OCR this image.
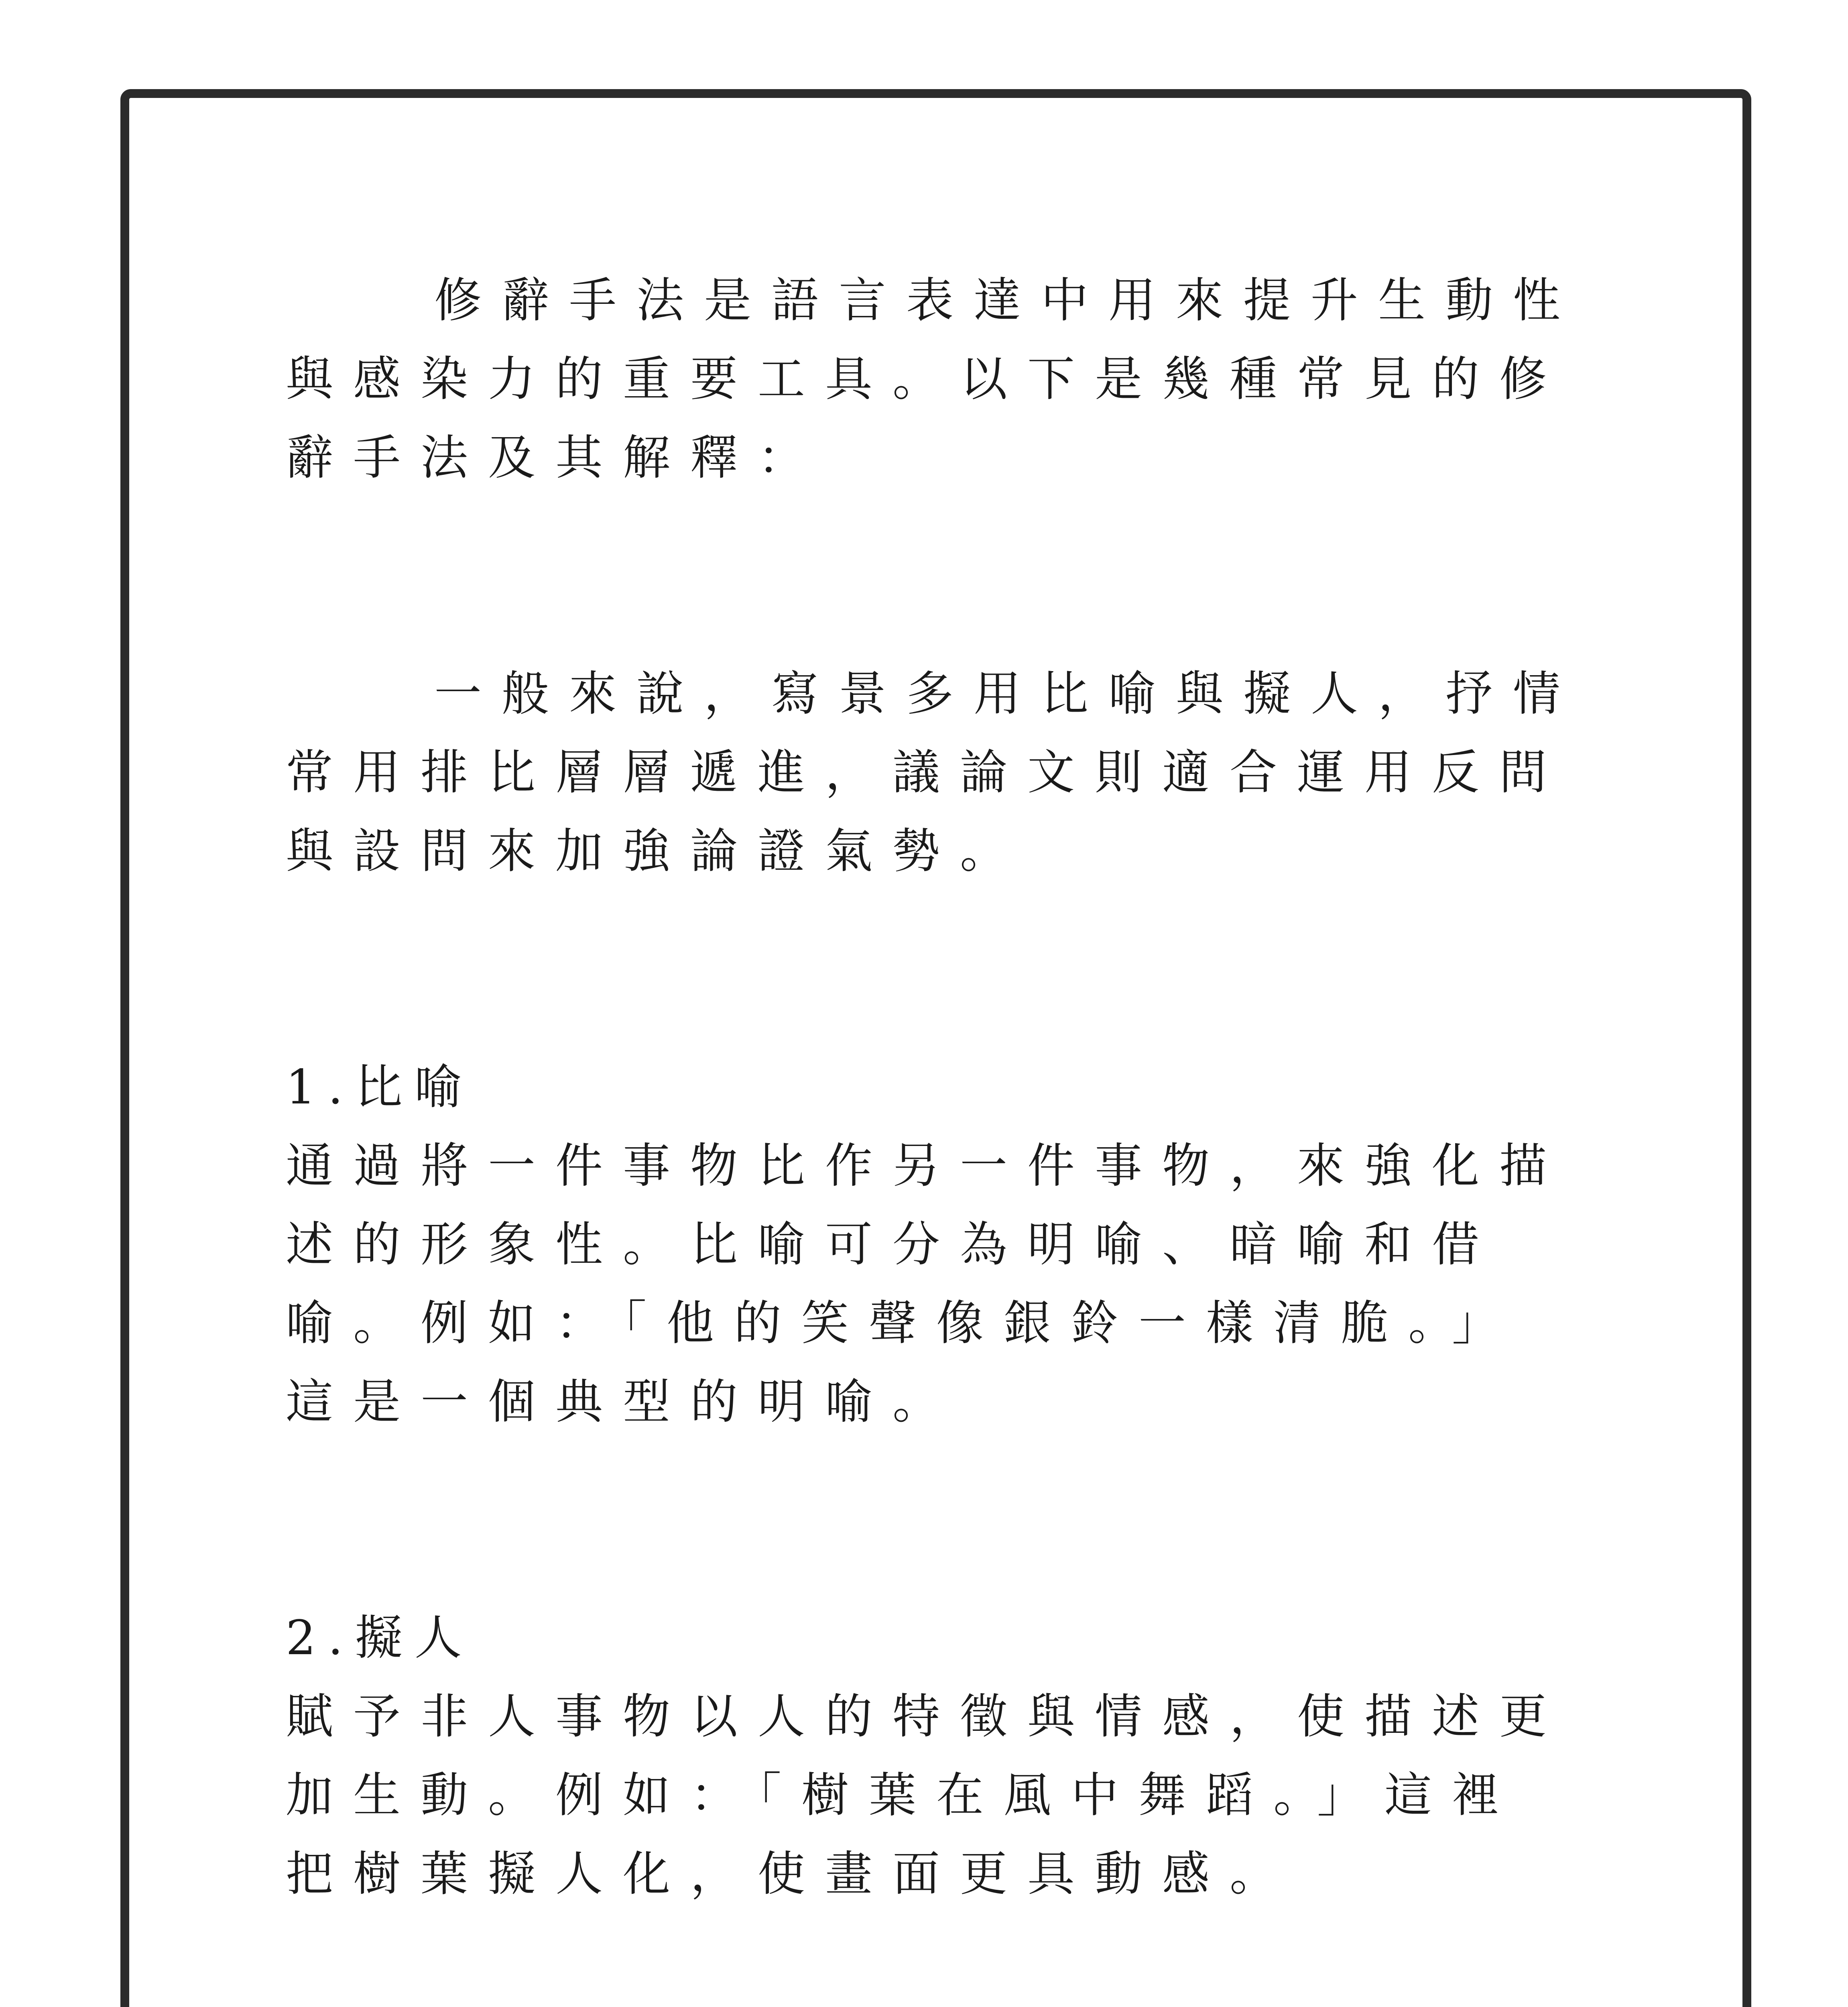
修辭手法是語言表達中用來提升生動性
與感染力的重要工具。以下是幾種常見的修
辭手法及其解釋：
一般來說，寫景多用比喻與擬人，抒情
常用排比層層遞進，議論文則適合運用反問
與設問來加強論證氣勢。
1.比喻
通過將一件事物比作另一件事物，來強化描
述的形象性。比喻可分為明喻、暗喻和借
喻。例如：「他的笑聲像銀鈴一樣清脆。」
這是一個典型的明喻。
2.擬人
賦予非人事物以人的特徵與情感，使描述更
加生動。例如：「樹葉在風中舞蹈。」這裡
把樹葉擬人化，使畫面更具動感。
